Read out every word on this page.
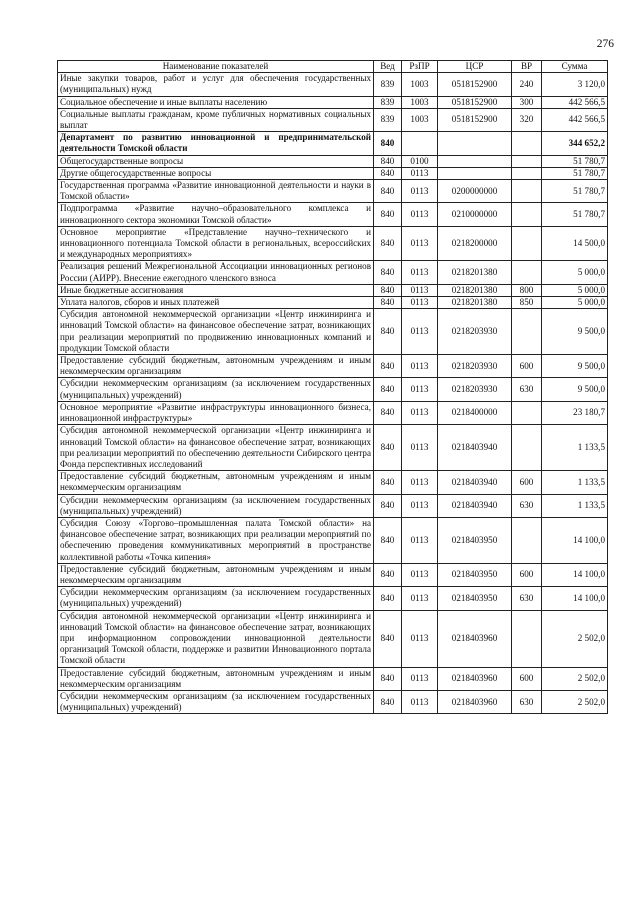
276
Наименование показателей	Вед	РзПР	ЦСР	ВР	Сумма
Иные закупки товаров, работ и услуг для обеспечения государственных (муниципальных) нужд	839	1003	0518152900	240	3 120,0
Социальное обеспечение и иные выплаты населению	839	1003	0518152900	300	442 566,5
Социальные выплаты гражданам, кроме публичных нормативных социальных выплат	839	1003	0518152900	320	442 566,5
Департамент по развитию инновационной и предпринимательской деятельности Томской области	840				344 652,2
Общегосударственные вопросы	840	0100			51 780,7
Другие общегосударственные вопросы	840	0113			51 780,7
Государственная программа «Развитие инновационной деятельности и науки в Томской области»	840	0113	0200000000		51 780,7
Подпрограмма «Развитие научно–образовательного комплекса и инновационного сектора экономики Томской области»	840	0113	0210000000		51 780,7
Основное мероприятие «Представление научно–технического и инновационного потенциала Томской области в региональных, всероссийских и международных мероприятиях»	840	0113	0218200000		14 500,0
Реализация решений Межрегиональной Ассоциации инновационных регионов России (АИРР). Внесение ежегодного членского взноса	840	0113	0218201380		5 000,0
Иные бюджетные ассигнования	840	0113	0218201380	800	5 000,0
Уплата налогов, сборов и иных платежей	840	0113	0218201380	850	5 000,0
Субсидия автономной некоммерческой организации «Центр инжиниринга и инноваций Томской области» на финансовое обеспечение затрат, возникающих при реализации мероприятий по продвижению инновационных компаний и продукции Томской области	840	0113	0218203930		9 500,0
Предоставление субсидий бюджетным, автономным учреждениям и иным некоммерческим организациям	840	0113	0218203930	600	9 500,0
Субсидии некоммерческим организациям (за исключением государственных (муниципальных) учреждений)	840	0113	0218203930	630	9 500,0
Основное мероприятие «Развитие инфраструктуры инновационного бизнеса, инновационной инфраструктуры»	840	0113	0218400000		23 180,7
Субсидия автономной некоммерческой организации «Центр инжиниринга и инноваций Томской области» на финансовое обеспечение затрат, возникающих при реализации мероприятий по обеспечению деятельности Сибирского центра Фонда перспективных исследований	840	0113	0218403940		1 133,5
Предоставление субсидий бюджетным, автономным учреждениям и иным некоммерческим организациям	840	0113	0218403940	600	1 133,5
Субсидии некоммерческим организациям (за исключением государственных (муниципальных) учреждений)	840	0113	0218403940	630	1 133,5
Субсидия Союзу «Торгово–промышленная палата Томской области» на финансовое обеспечение затрат, возникающих при реализации мероприятий по обеспечению проведения коммуникативных мероприятий в пространстве коллективной работы «Точка кипения»	840	0113	0218403950		14 100,0
Предоставление субсидий бюджетным, автономным учреждениям и иным некоммерческим организациям	840	0113	0218403950	600	14 100,0
Субсидии некоммерческим организациям (за исключением государственных (муниципальных) учреждений)	840	0113	0218403950	630	14 100,0
Субсидия автономной некоммерческой организации «Центр инжиниринга и инноваций Томской области» на финансовое обеспечение затрат, возникающих при информационном сопровождении инновационной деятельности организаций Томской области, поддержке и развитии Инновационного портала Томской области	840	0113	0218403960		2 502,0
Предоставление субсидий бюджетным, автономным учреждениям и иным некоммерческим организациям	840	0113	0218403960	600	2 502,0
Субсидии некоммерческим организациям (за исключением государственных (муниципальных) учреждений)	840	0113	0218403960	630	2 502,0
